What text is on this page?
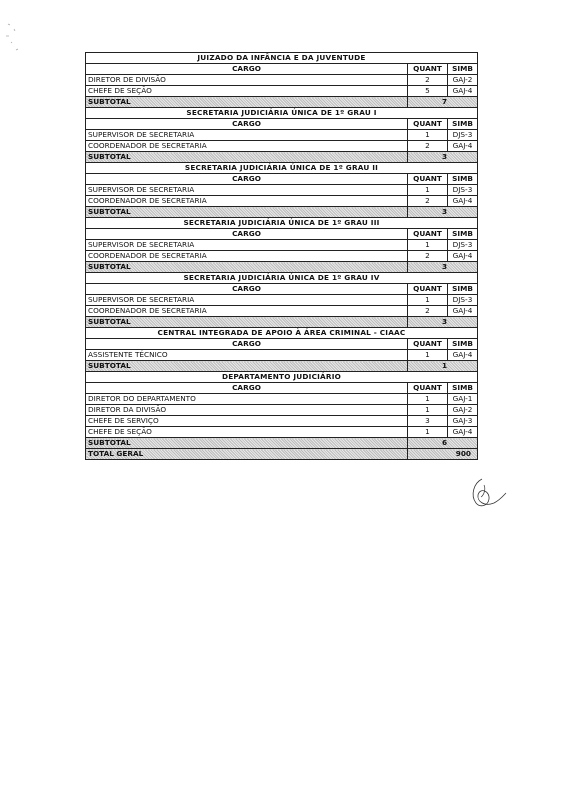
JUIZADO DA INFÂNCIA E DA JUVENTUDE		
CARGO	QUANT	SIMB
DIRETOR DE DIVISÃO	2	GAJ-2
CHEFE DE SEÇÃO	5	GAJ-4
SUBTOTAL	7	
SECRETARIA JUDICIÁRIA ÚNICA DE 1º GRAU I		
CARGO	QUANT	SIMB
SUPERVISOR DE SECRETARIA	1	DJS-3
COORDENADOR DE SECRETARIA	2	GAJ-4
SUBTOTAL	3	
SECRETARIA JUDICIÁRIA ÚNICA DE 1º GRAU II		
CARGO	QUANT	SIMB
SUPERVISOR DE SECRETARIA	1	DJS-3
COORDENADOR DE SECRETARIA	2	GAJ-4
SUBTOTAL	3	
SECRETARIA JUDICIÁRIA ÚNICA DE 1º GRAU III		
CARGO	QUANT	SIMB
SUPERVISOR DE SECRETARIA	1	DJS-3
COORDENADOR DE SECRETARIA	2	GAJ-4
SUBTOTAL	3	
SECRETARIA JUDICIÁRIA ÚNICA DE 1º GRAU IV		
CARGO	QUANT	SIMB
SUPERVISOR DE SECRETARIA	1	DJS-3
COORDENADOR DE SECRETARIA	2	GAJ-4
SUBTOTAL	3	
CENTRAL INTEGRADA DE APOIO À ÁREA CRIMINAL - CIAAC		
CARGO	QUANT	SIMB
ASSISTENTE TÉCNICO	1	GAJ-4
SUBTOTAL	1	
DEPARTAMENTO JUDICIÁRIO		
CARGO	QUANT	SIMB
DIRETOR DO DEPARTAMENTO	1	GAJ-1
DIRETOR DA DIVISÃO	1	GAJ-2
CHEFE DE SERVIÇO	3	GAJ-3
CHEFE DE SEÇÃO	1	GAJ-4
SUBTOTAL	6	
TOTAL GERAL	900	
